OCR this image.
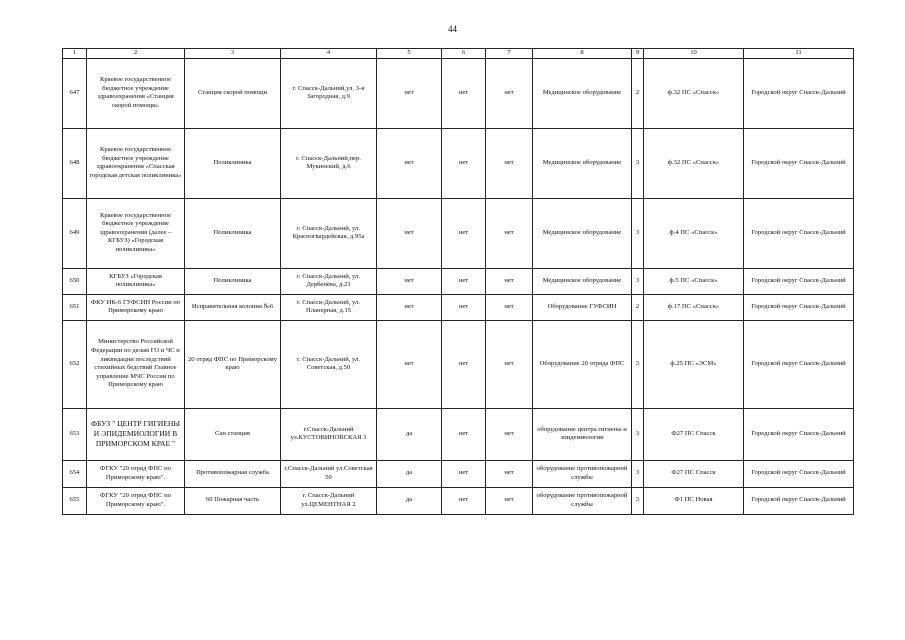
44
1	2	3	4	5	6	7	8	9	10	11
647	Краевое государственное бюджетное учреждение здравоохранения «Станция скорой помощи»	Станция скорой помощи	г. Спасск-Дальний,ул. 3-я Загородная, д.9	нет	нет	нет	Медицинское оборудование	2	ф.32 ПС «Спасск»	Городской округ Спасск-Дальний
648	Краевое государственное бюджетное учреждение здравоохранения «Спасская городская детская поликлиника»	Поликлиника	г. Спасск-Дальний,пер. Мукинский, д.6	нет	нет	нет	Медицинское оборудование	3	ф.32 ПС «Спасск»	Городской округ Спасск-Дальний
649	Краевое государственное бюджетное учреждение здравоохранения (далее – КГБУЗ) «Городская поликлиника»	Поликлиника	г. Спасск-Дальний, ул. Красногвардейская, д.95а	нет	нет	нет	Медицинское оборудование	3	ф.4 ПС «Спасск»	Городской округ Спасск-Дальний
650	КГБУЗ «Городская поликлиника»	Поликлиника	г. Спасск-Дальний, ул. Дербенёва, д.21	нет	нет	нет	Медицинское оборудование	3	ф.5 ПС «Спасск»	Городской округ Спасск-Дальний
651	ФКУ ИК-6 ГУФСИН России по Приморскому краю	Исправительная колония №6	г. Спасск-Дальний, ул. Планерная, д.15	нет	нет	нет	Оборудование ГУФСИН	2	ф.17 ПС «Спасск»	Городской округ Спасск-Дальний
652	Министерство Российской Федерации по делам ГО и ЧС и ликвидации последствий стихийных бедствий Главное управление МЧС России по Приморскому краю	20 отряд ФПС по Приморскому краю	г. Спасск-Дальний, ул. Советская, д.50	нет	нет	нет	Оборудование 20 отряда ФПС	3	ф.25 ПС «ЭСМ»	Городской округ Спасск-Дальний
653	ФБУЗ " ЦЕНТР ГИГИЕНЫ И ЭПИДЕМИОЛОГИИ В ПРИМОРСКОМ КРАЕ "	Сан станция	г.Спасск-Дальний ул.КУСТОВИНОВСКАЯ 3	да	нет	нет	оборудование центра гигиены и эпидемиологии	3	Ф27 ПС Спасск	Городской округ Спасск-Дальний
654	ФГКУ "20 отряд ФПС по Приморскому краю".	Противопожарная служба	г.Спасск-Дальний ул.Советская 50	да	нет	нет	оборудование противопожарной службы	3	Ф27 ПС Спасск	Городской округ Спасск-Дальний
655	ФГКУ "20 отряд ФПС по Приморскому краю".	60 Пожарная часть	г. Спасск-Дальний ул.ЦЕМЕНТНАЯ 2	да	нет	нет	оборудование противопожарной службы	3	Ф1 ПС Новая	Городской округ Спасск-Дальний
